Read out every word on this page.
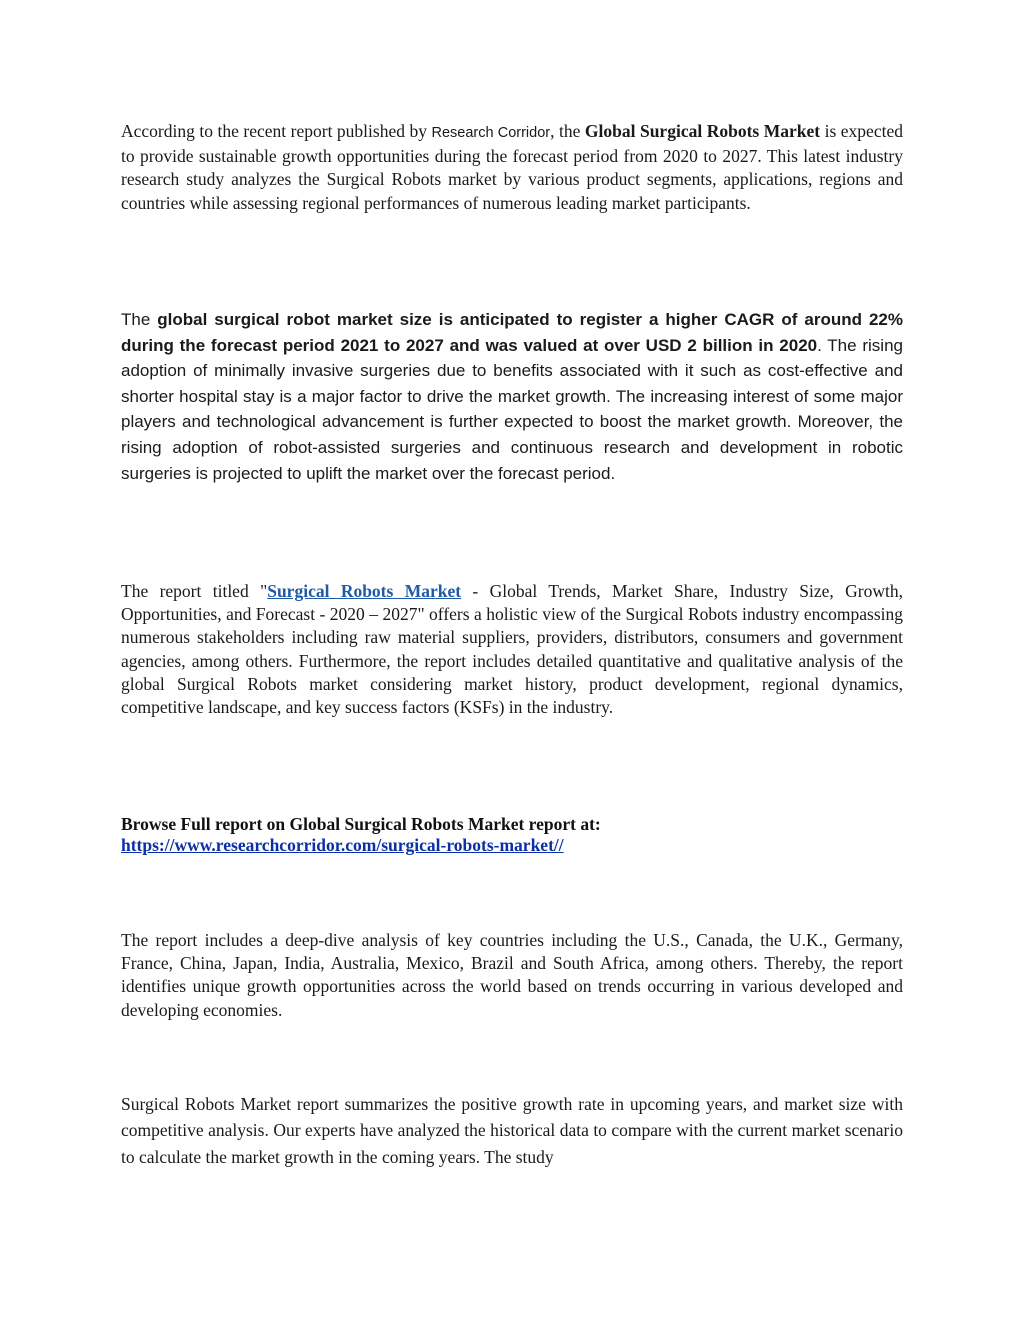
According to the recent report published by Research Corridor, the Global Surgical Robots Market is expected to provide sustainable growth opportunities during the forecast period from 2020 to 2027. This latest industry research study analyzes the Surgical Robots market by various product segments, applications, regions and countries while assessing regional performances of numerous leading market participants.

The global surgical robot market size is anticipated to register a higher CAGR of around 22% during the forecast period 2021 to 2027 and was valued at over USD 2 billion in 2020. The rising adoption of minimally invasive surgeries due to benefits associated with it such as cost-effective and shorter hospital stay is a major factor to drive the market growth. The increasing interest of some major players and technological advancement is further expected to boost the market growth. Moreover, the rising adoption of robot-assisted surgeries and continuous research and development in robotic surgeries is projected to uplift the market over the forecast period.

The report titled "Surgical Robots Market - Global Trends, Market Share, Industry Size, Growth, Opportunities, and Forecast - 2020 – 2027" offers a holistic view of the Surgical Robots industry encompassing numerous stakeholders including raw material suppliers, providers, distributors, consumers and government agencies, among others. Furthermore, the report includes detailed quantitative and qualitative analysis of the global Surgical Robots market considering market history, product development, regional dynamics, competitive landscape, and key success factors (KSFs) in the industry.

Browse Full report on Global Surgical Robots Market report at:
https://www.researchcorridor.com/surgical-robots-market//

The report includes a deep-dive analysis of key countries including the U.S., Canada, the U.K., Germany, France, China, Japan, India, Australia, Mexico, Brazil and South Africa, among others. Thereby, the report identifies unique growth opportunities across the world based on trends occurring in various developed and developing economies.

Surgical Robots Market report summarizes the positive growth rate in upcoming years, and market size with competitive analysis. Our experts have analyzed the historical data to compare with the current market scenario to calculate the market growth in the coming years. The study
